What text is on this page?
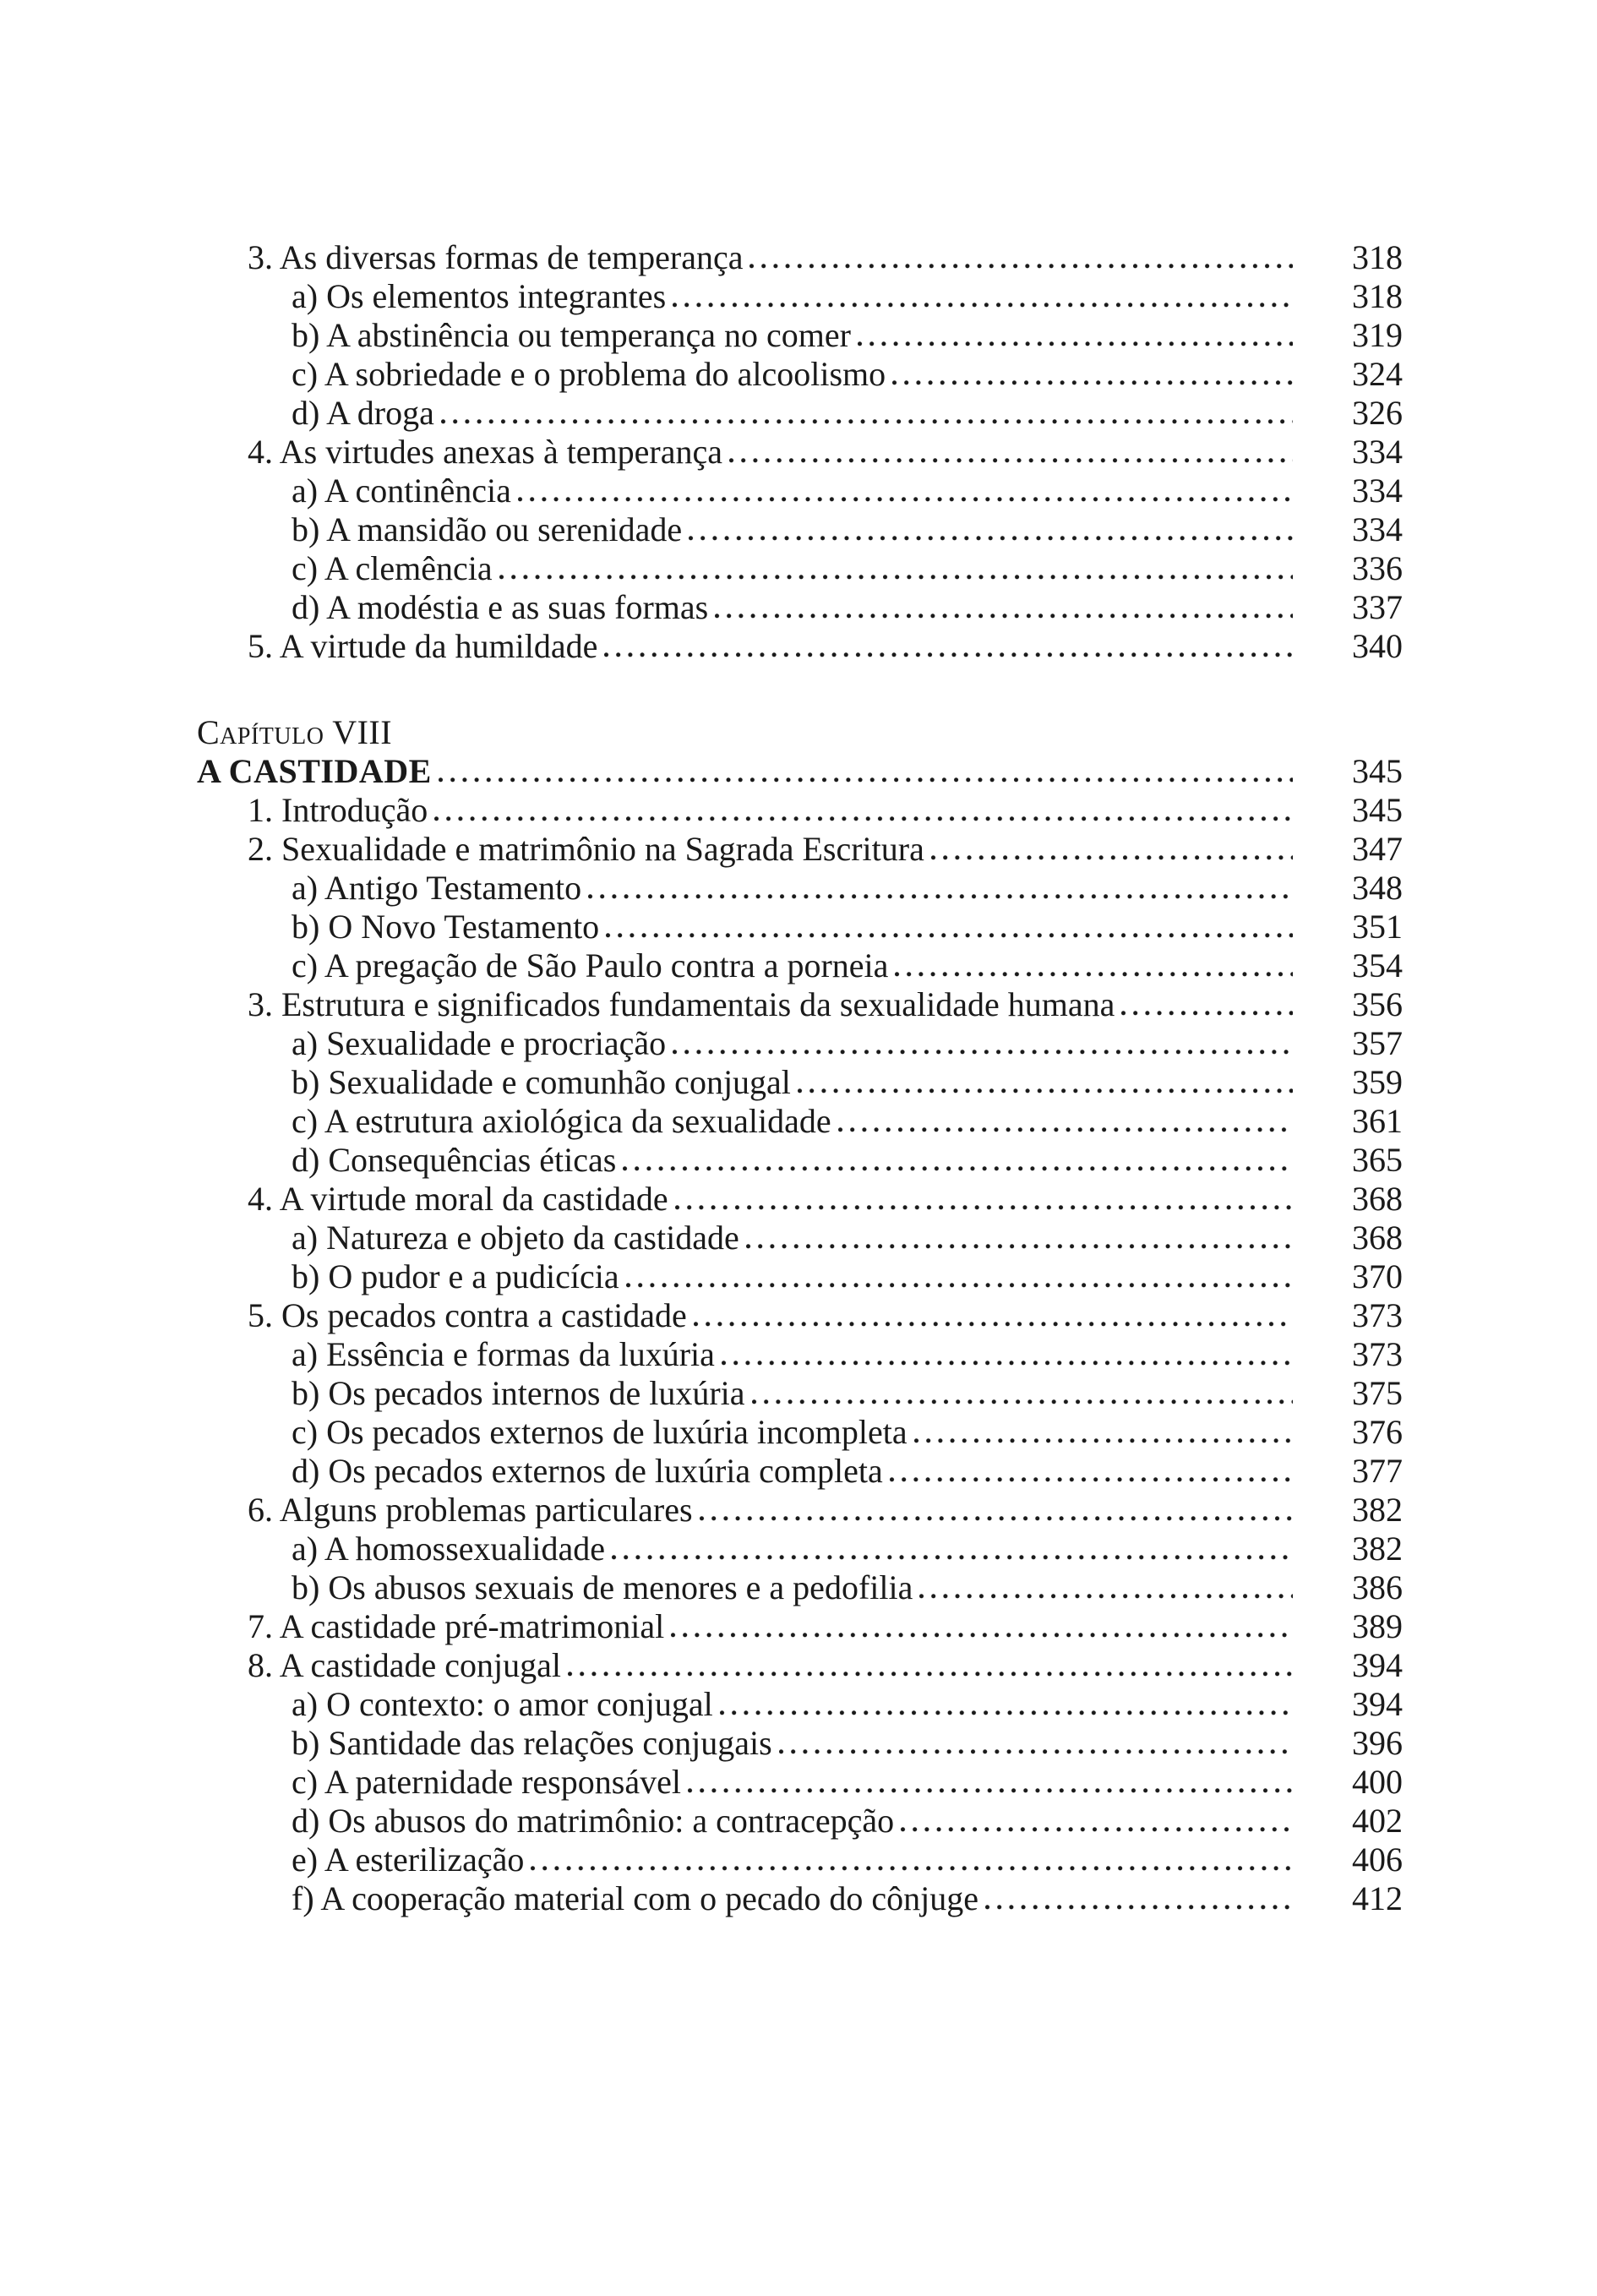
3. As diversas formas de temperança	318
a) Os elementos integrantes	318
b) A abstinência ou temperança no comer	319
c) A sobriedade e o problema do alcoolismo	324
d) A droga	326
4. As virtudes anexas à temperança	334
a) A continência	334
b) A mansidão ou serenidade	334
c) A clemência	336
d) A modéstia e as suas formas	337
5. A virtude da humildade	340
Capítulo VIII
A CASTIDADE	345
1. Introdução	345
2. Sexualidade e matrimônio na Sagrada Escritura	347
a) Antigo Testamento	348
b) O Novo Testamento	351
c) A pregação de São Paulo contra a porneia	354
3. Estrutura e significados fundamentais da sexualidade humana	356
a) Sexualidade e procriação	357
b) Sexualidade e comunhão conjugal	359
c) A estrutura axiológica da sexualidade	361
d) Consequências éticas	365
4. A virtude moral da castidade	368
a) Natureza e objeto da castidade	368
b) O pudor e a pudicícia	370
5. Os pecados contra a castidade	373
a) Essência e formas da luxúria	373
b) Os pecados internos de luxúria	375
c) Os pecados externos de luxúria incompleta	376
d) Os pecados externos de luxúria completa	377
6. Alguns problemas particulares	382
a) A homossexualidade	382
b) Os abusos sexuais de menores e a pedofilia	386
7. A castidade pré-matrimonial	389
8. A castidade conjugal	394
a) O contexto: o amor conjugal	394
b) Santidade das relações conjugais	396
c) A paternidade responsável	400
d) Os abusos do matrimônio: a contracepção	402
e) A esterilização	406
f) A cooperação material com o pecado do cônjuge	412
